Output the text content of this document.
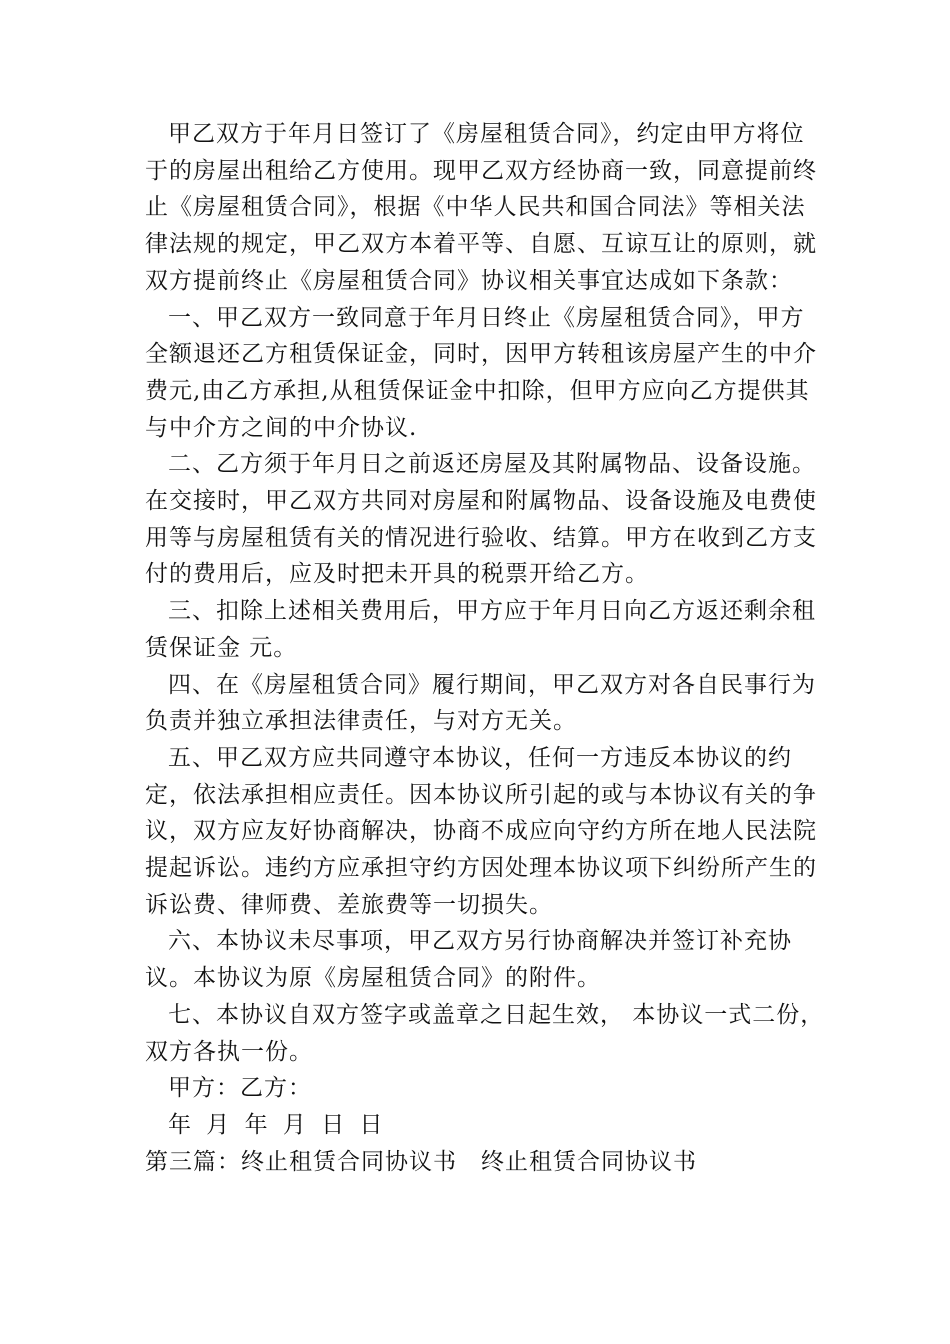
甲乙双方于年月日签订了《房屋租赁合同》，约定由甲方将位于的房屋出租给乙方使用。现甲乙双方经协商一致，同意提前终止《房屋租赁合同》，根据《中华人民共和国合同法》等相关法律法规的规定，甲乙双方本着平等、自愿、互谅互让的原则，就双方提前终止《房屋租赁合同》协议相关事宜达成如下条款：

一、甲乙双方一致同意于年月日终止《房屋租赁合同》，甲方全额退还乙方租赁保证金，同时，因甲方转租该房屋产生的中介费元,由乙方承担,从租赁保证金中扣除，但甲方应向乙方提供其与中介方之间的中介协议.

二、乙方须于年月日之前返还房屋及其附属物品、设备设施。在交接时，甲乙双方共同对房屋和附属物品、设备设施及电费使用等与房屋租赁有关的情况进行验收、结算。甲方在收到乙方支付的费用后，应及时把未开具的税票开给乙方。

三、扣除上述相关费用后，甲方应于年月日向乙方返还剩余租赁保证金 元。

四、在《房屋租赁合同》履行期间，甲乙双方对各自民事行为负责并独立承担法律责任，与对方无关。

五、甲乙双方应共同遵守本协议，任何一方违反本协议的约定，依法承担相应责任。因本协议所引起的或与本协议有关的争议，双方应友好协商解决，协商不成应向守约方所在地人民法院提起诉讼。违约方应承担守约方因处理本协议项下纠纷所产生的诉讼费、律师费、差旅费等一切损失。

六、本协议未尽事项，甲乙双方另行协商解决并签订补充协议。本协议为原《房屋租赁合同》的附件。

七、本协议自双方签字或盖章之日起生效， 本协议一式二份，双方各执一份。

甲方：乙方：

年 月 年 月 日 日

第三篇：终止租赁合同协议书　终止租赁合同协议书
